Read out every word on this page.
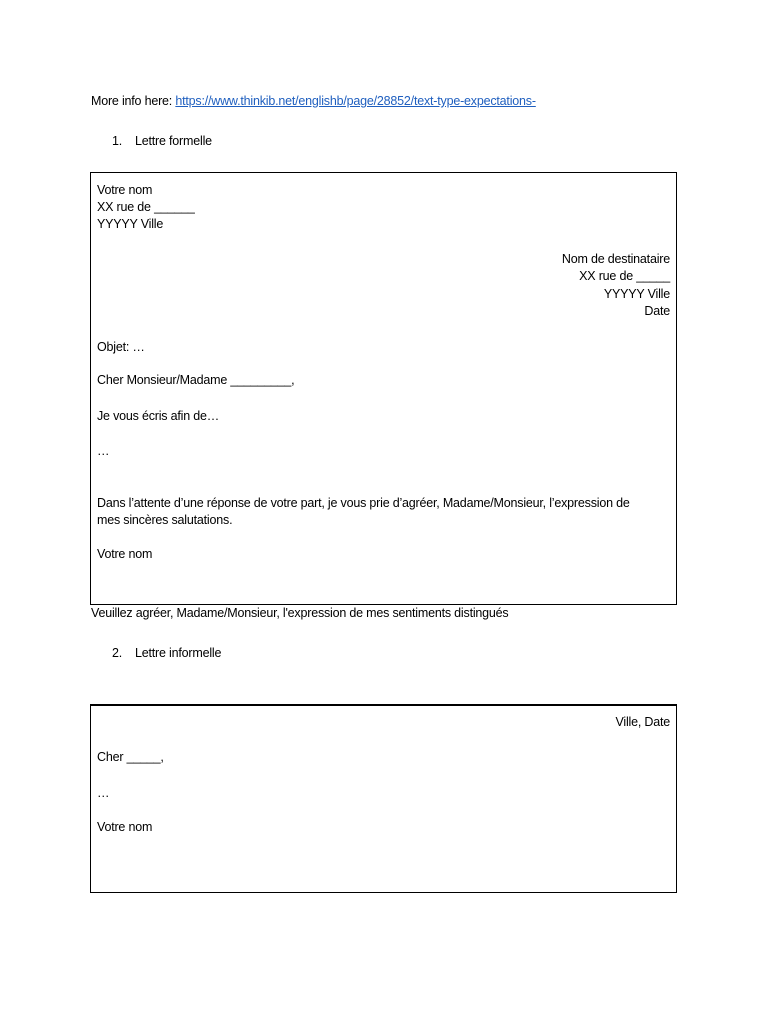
More info here: https://www.thinkib.net/englishb/page/28852/text-type-expectations-
1. Lettre formelle
Votre nom
XX rue de ______
YYYYY Ville
Nom de destinataire
XX rue de _____
YYYYY Ville
Date
Objet: …
Cher Monsieur/Madame _________,
Je vous écris afin de…
…
Dans l’attente d’une réponse de votre part, je vous prie d’agréer, Madame/Monsieur, l’expression de
mes sincères salutations.
Votre nom
Veuillez agréer, Madame/Monsieur, l'expression de mes sentiments distingués
2. Lettre informelle
Ville, Date
Cher _____,
…
Votre nom
